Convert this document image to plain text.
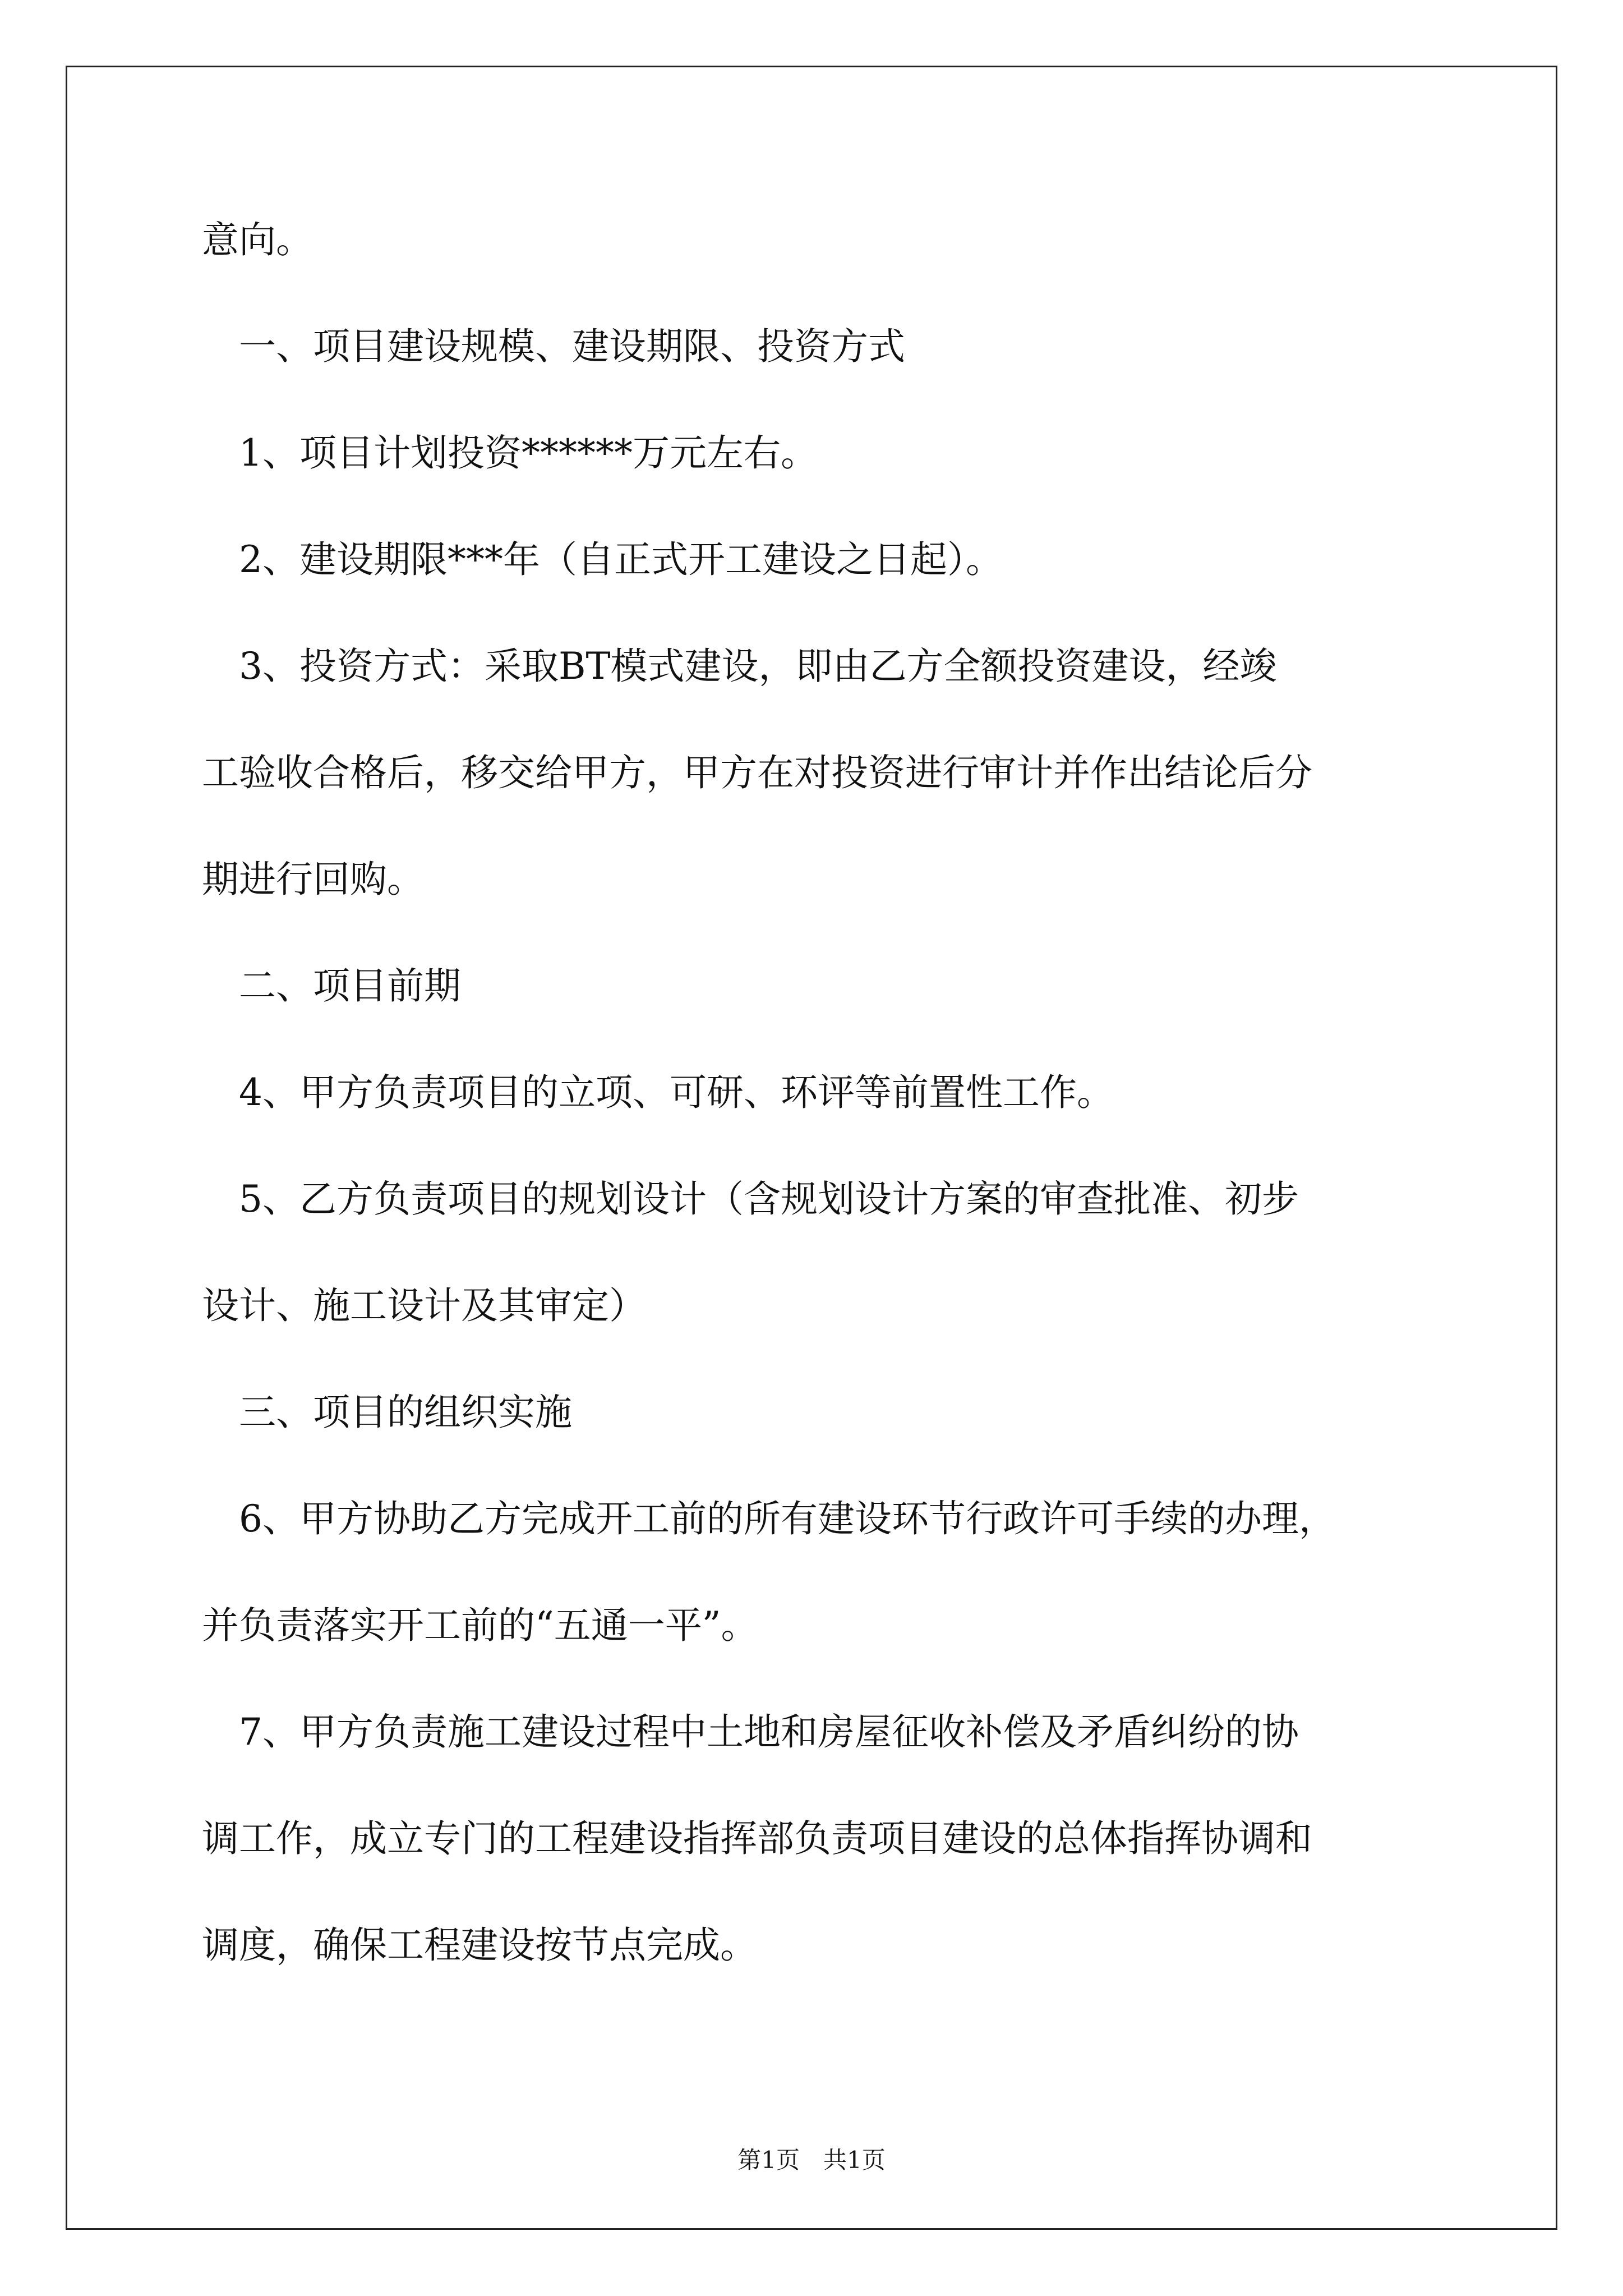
意向。
　一、项目建设规模、建设期限、投资方式
　1、项目计划投资******万元左右。
　2、建设期限***年（自正式开工建设之日起）。
　3、投资方式：采取BT模式建设，即由乙方全额投资建设，经竣
工验收合格后，移交给甲方，甲方在对投资进行审计并作出结论后分
期进行回购。
　二、项目前期
　4、甲方负责项目的立项、可研、环评等前置性工作。
　5、乙方负责项目的规划设计（含规划设计方案的审查批准、初步
设计、施工设计及其审定）
　三、项目的组织实施
　6、甲方协助乙方完成开工前的所有建设环节行政许可手续的办理，
并负责落实开工前的“五通一平”。
　7、甲方负责施工建设过程中土地和房屋征收补偿及矛盾纠纷的协
调工作，成立专门的工程建设指挥部负责项目建设的总体指挥协调和
调度，确保工程建设按节点完成。
第1页　共1页
